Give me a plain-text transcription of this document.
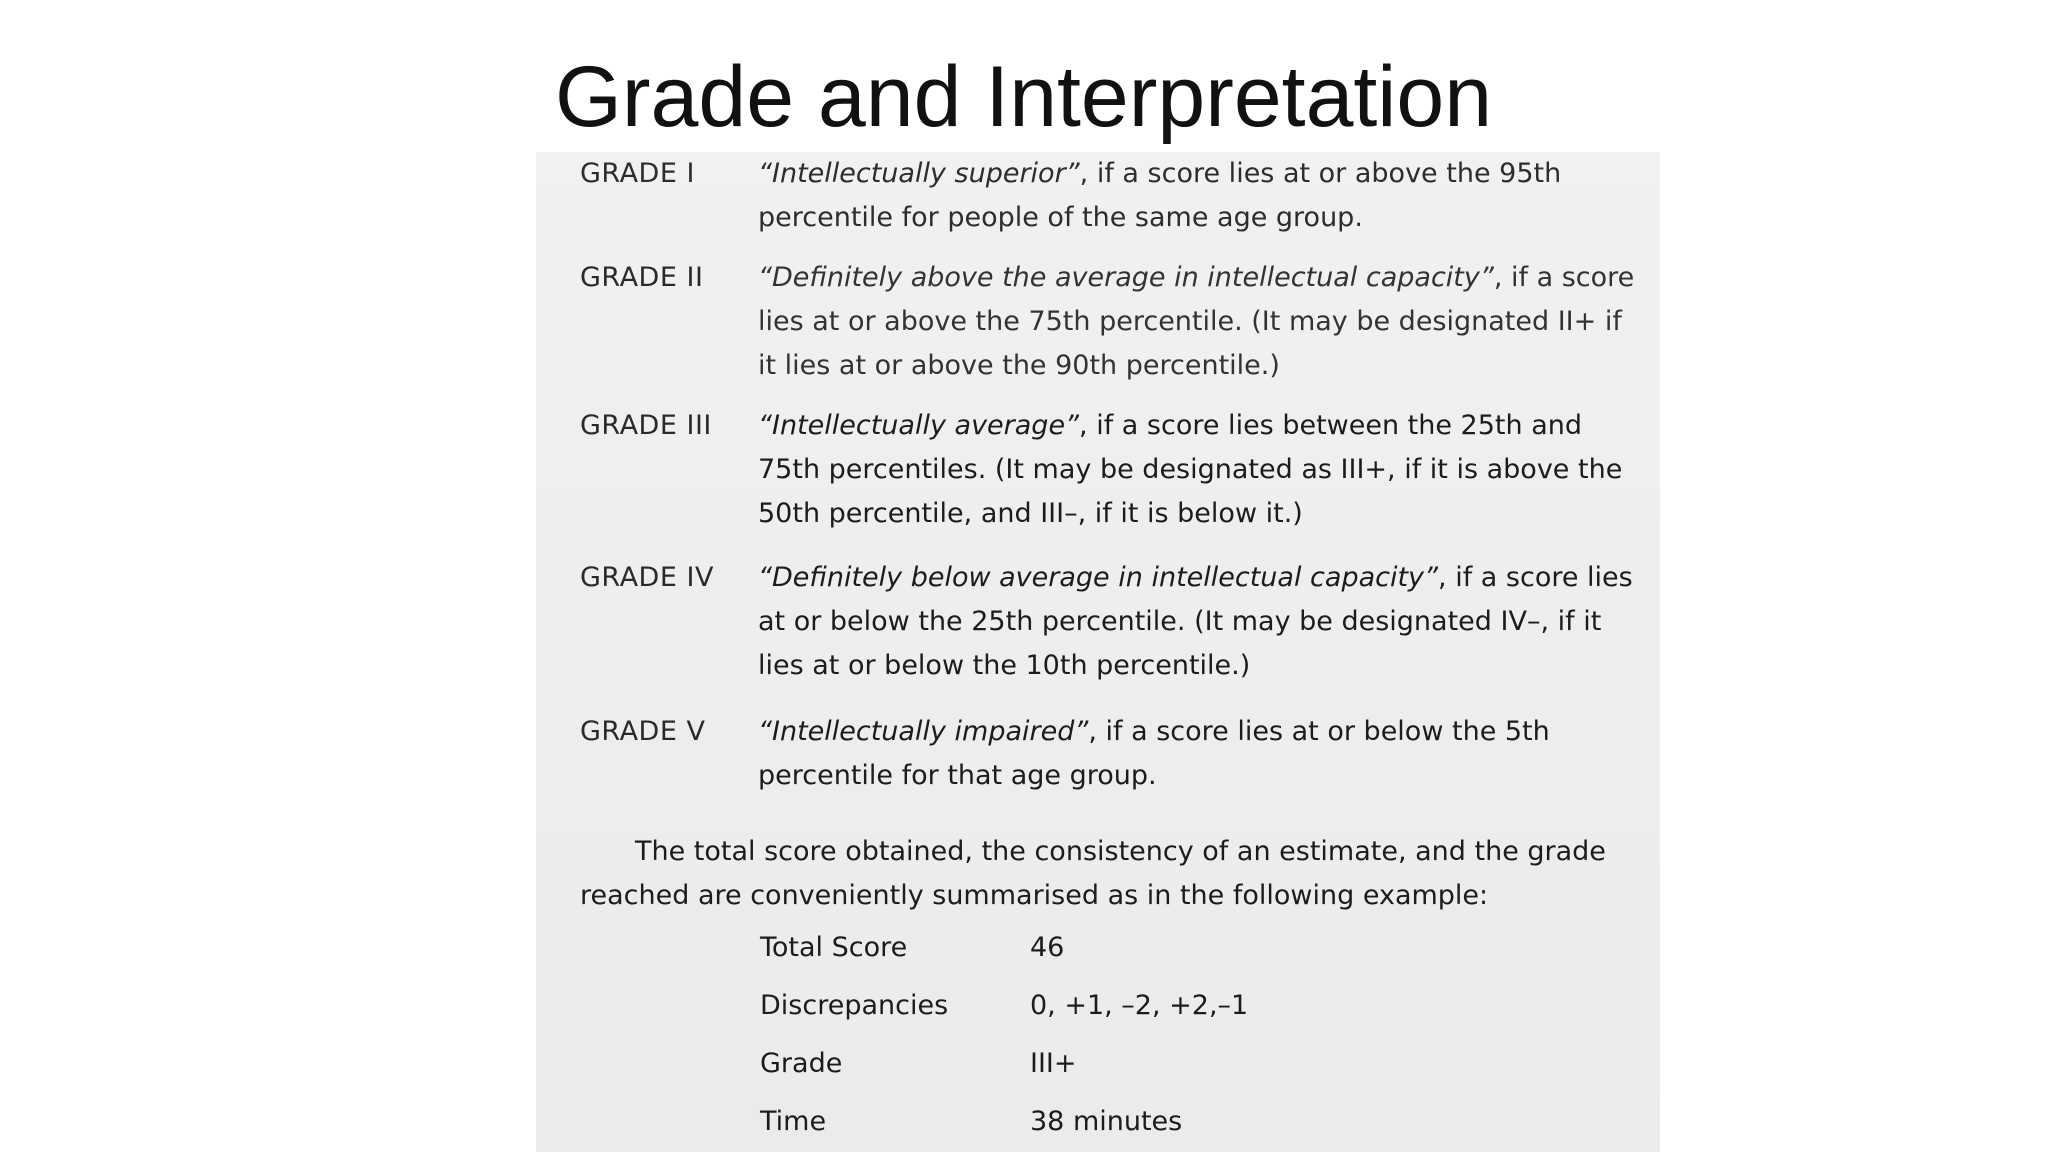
Grade and Interpretation
GRADE I	“Intellectually superior”, if a score lies at or above the 95th percentile for people of the same age group.
GRADE II	“Definitely above the average in intellectual capacity”, if a score lies at or above the 75th percentile. (It may be designated II+ if it lies at or above the 90th percentile.)
GRADE III	“Intellectually average”, if a score lies between the 25th and 75th percentiles. (It may be designated as III+, if it is above the 50th percentile, and III–, if it is below it.)
GRADE IV	“Definitely below average in intellectual capacity”, if a score lies at or below the 25th percentile. (It may be designated IV–, if it lies at or below the 10th percentile.)
GRADE V	“Intellectually impaired”, if a score lies at or below the 5th percentile for that age group.
The total score obtained, the consistency of an estimate, and the grade reached are conveniently summarised as in the following example:
Total Score	46
Discrepancies	0, +1, –2, +2,–1
Grade	III+
Time	38 minutes
